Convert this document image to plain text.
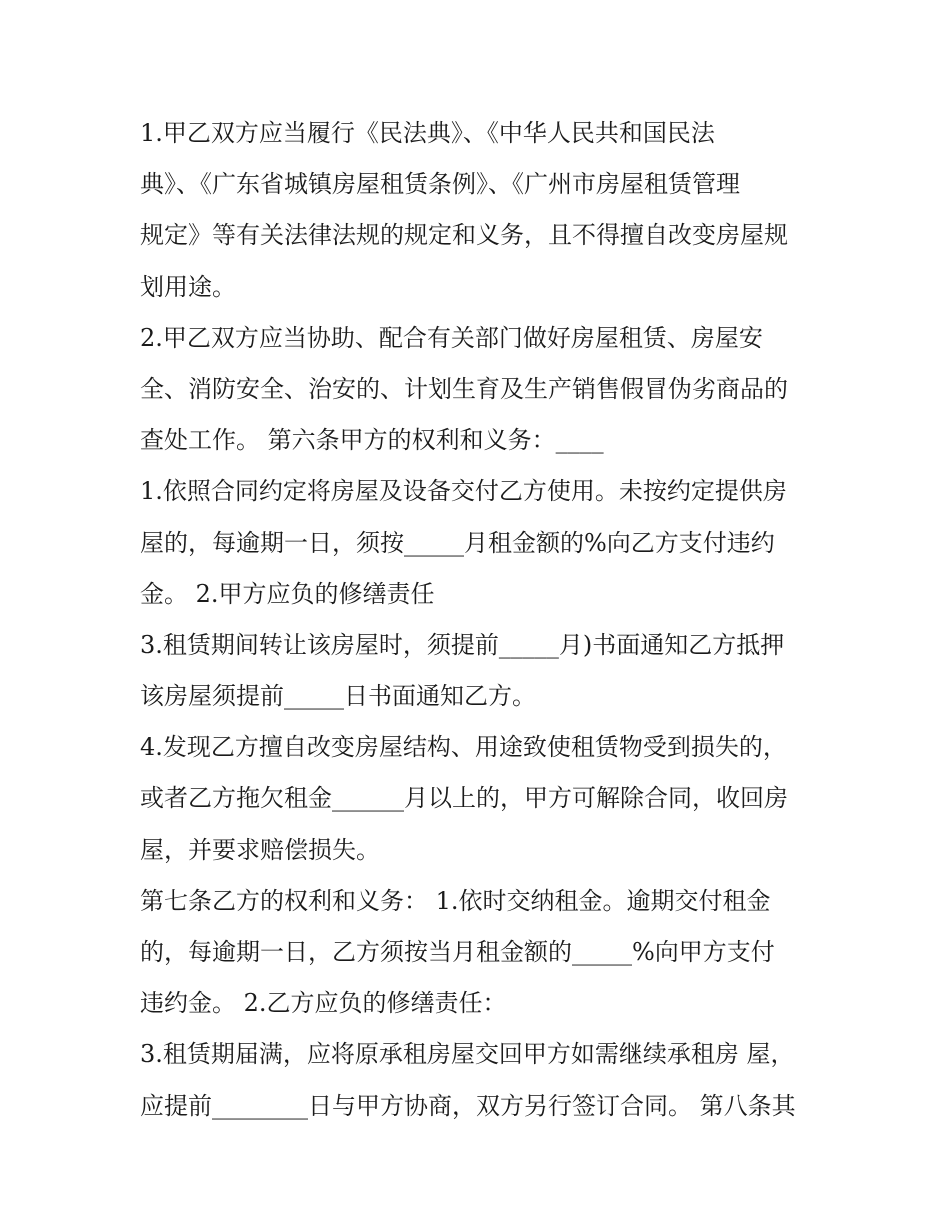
1.甲乙双方应当履行《民法典》、《中华人民共和国民法
典》、《广东省城镇房屋租赁条例》、《广州市房屋租赁管理
规定》等有关法律法规的规定和义务，且不得擅自改变房屋规
划用途。
2.甲乙双方应当协助、配合有关部门做好房屋租赁、房屋安
全、消防安全、治安的、计划生育及生产销售假冒伪劣商品的
查处工作。 第六条甲方的权利和义务：____
1.依照合同约定将房屋及设备交付乙方使用。未按约定提供房
屋的，每逾期一日，须按_____月租金额的%向乙方支付违约
金。 2.甲方应负的修缮责任
3.租赁期间转让该房屋时，须提前_____月)书面通知乙方抵押
该房屋须提前_____日书面通知乙方。
4.发现乙方擅自改变房屋结构、用途致使租赁物受到损失的，
或者乙方拖欠租金______月以上的，甲方可解除合同，收回房
屋，并要求赔偿损失。
第七条乙方的权利和义务： 1.依时交纳租金。逾期交付租金
的，每逾期一日，乙方须按当月租金额的_____%向甲方支付
违约金。 2.乙方应负的修缮责任：
3.租赁期届满，应将原承租房屋交回甲方如需继续承租房 屋，
应提前________日与甲方协商，双方另行签订合同。 第八条其
